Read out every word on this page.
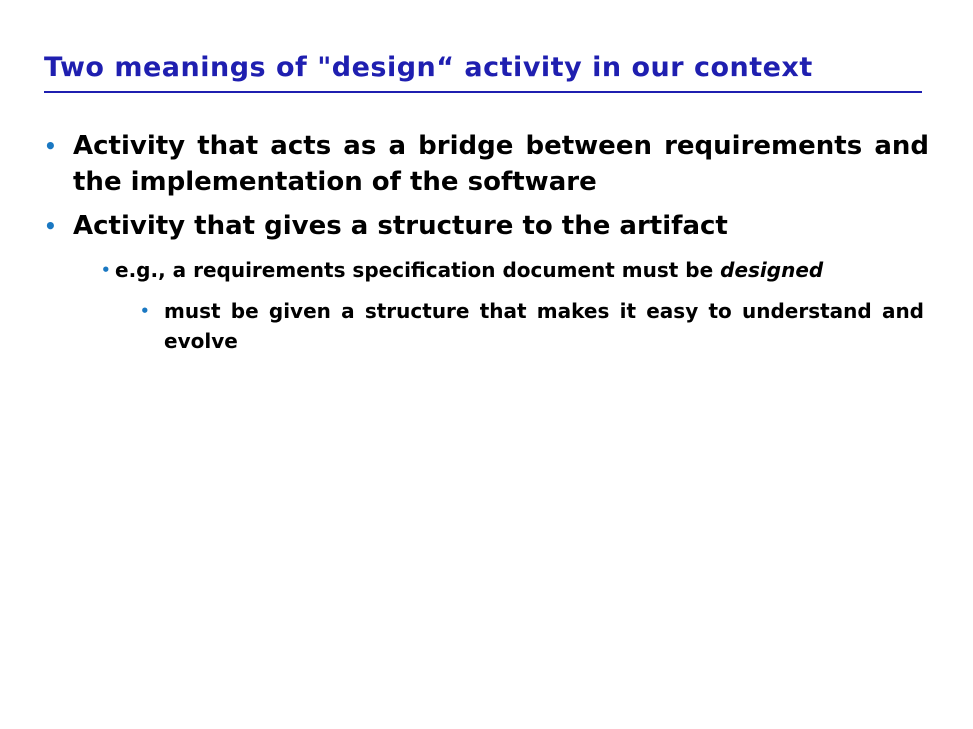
Two meanings of "design“ activity in our context
• Activity that acts as a bridge between requirements and the implementation of the software
• Activity that gives a structure to the artifact
• e.g., a requirements specification document must be designed
• must be given a structure that makes it easy to understand and evolve
